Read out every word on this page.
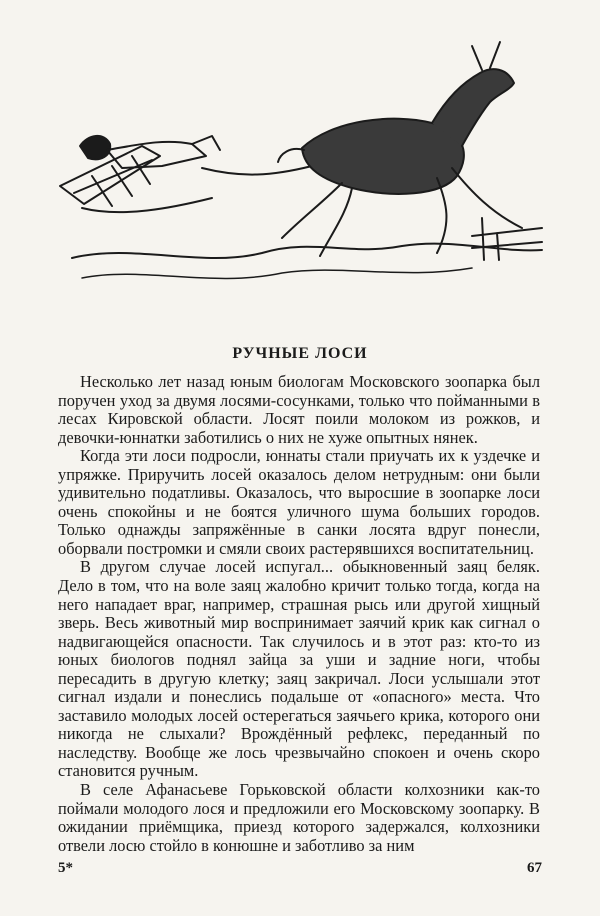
РУЧНЫЕ ЛОСИ

Несколько лет назад юным биологам Московского зоопарка был поручен уход за двумя лосями-сосунками, только что пойманными в лесах Кировской области. Лосят поили молоком из рожков, и девочки-юннатки заботились о них не хуже опытных нянек.

Когда эти лоси подросли, юннаты стали приучать их к уздечке и упряжке. Приручить лосей оказалось делом нетрудным: они были удивительно податливы. Оказалось, что выросшие в зоопарке лоси очень спокойны и не боятся уличного шума больших городов. Только однажды запряжённые в санки лосята вдруг понесли, оборвали постромки и смяли своих растерявшихся воспитательниц.

В другом случае лосей испугал... обыкновенный заяц беляк. Дело в том, что на воле заяц жалобно кричит только тогда, когда на него нападает враг, например, страшная рысь или другой хищный зверь. Весь животный мир воспринимает заячий крик как сигнал о надвигающейся опасности. Так случилось и в этот раз: кто-то из юных биологов поднял зайца за уши и задние ноги, чтобы пересадить в другую клетку; заяц закричал. Лоси услышали этот сигнал издали и понеслись подальше от «опасного» места. Что заставило молодых лосей остерегаться заячьего крика, которого они никогда не слыхали? Врождённый рефлекс, переданный по наследству. Вообще же лось чрезвычайно спокоен и очень скоро становится ручным.

В селе Афанасьеве Горьковской области колхозники как-то поймали молодого лося и предложили его Московскому зоопарку. В ожидании приёмщика, приезд которого задержался, колхозники отвели лосю стойло в конюшне и заботливо за ним

5*	67
